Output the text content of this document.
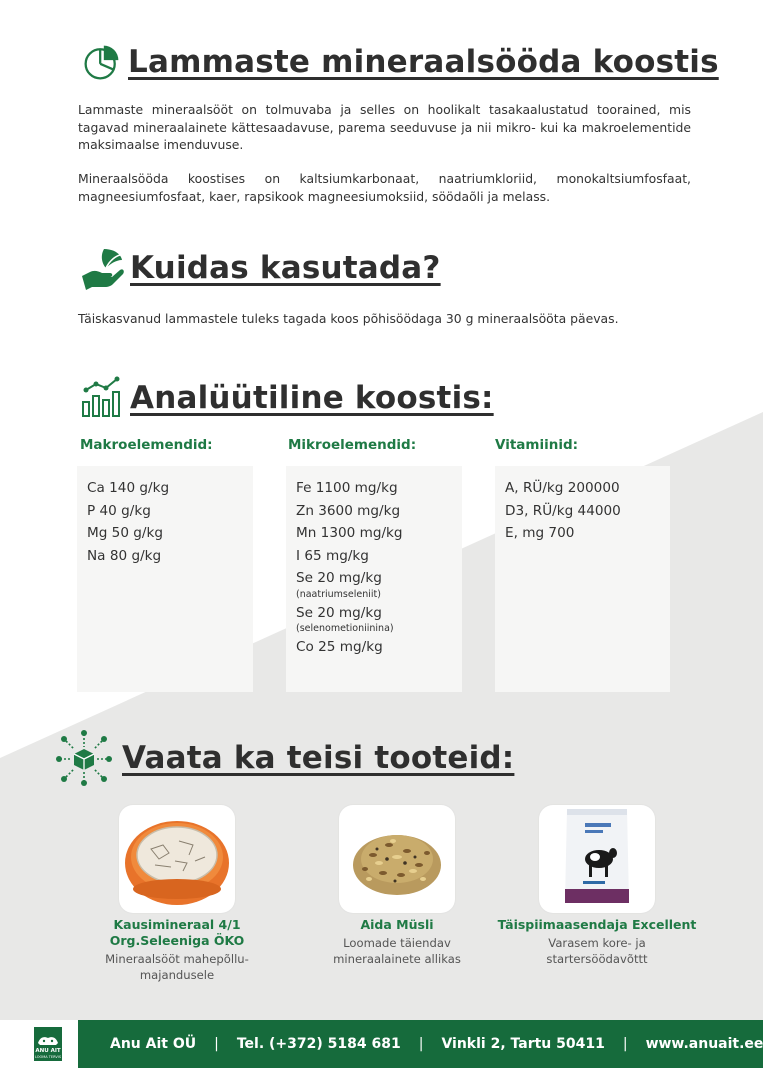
Lammaste mineraalsööda koostis

Lammaste mineraalsööt on tolmuvaba ja selles on hoolikalt tasakaalustatud toorained, mis tagavad mineraalainete kättesaadavuse, parema seeduvuse ja nii mikro- kui ka makroelementide maksimaalse imenduvuse.

Mineraalsööda koostises on kaltsiumkarbonaat, naatriumkloriid, monokaltsiumfosfaat, magneesiumfosfaat, kaer, rapsikook magneesiumoksiid, söödaõli ja melass.

Kuidas kasutada?

Täiskasvanud lammastele tuleks tagada koos põhisöödaga 30 g mineraalsööta päevas.

Analüütiline koostis:
Makroelemendid:	Mikroelemendid:	Vitamiinid:
Ca 140 g/kg
P 40 g/kg
Mg 50 g/kg
Na 80 g/kg
Fe 1100 mg/kg
Zn 3600 mg/kg
Mn 1300 mg/kg
I 65 mg/kg
Se 20 mg/kg
(naatriumseleniit)
Se 20 mg/kg
(selenometioniinina)
Co 25 mg/kg
A, RÜ/kg 200000
D3, RÜ/kg 44000
E, mg 700
Vaata ka teisi tooteid:
Kausimineraal 4/1
Org.Seleeniga ÖKO
Mineraalsööt mahepõllu-
majandusele
Aida Müsli
Loomade täiendav
mineraalainete allikas
Täispiimaasendaja Excellent
Varasem kore- ja
startersöödavõttt
ANU AIT
LOOMA TERVIS
Anu Ait OÜ | Tel. (+372) 5184 681 | Vinkli 2, Tartu 50411 | www.anuait.ee
